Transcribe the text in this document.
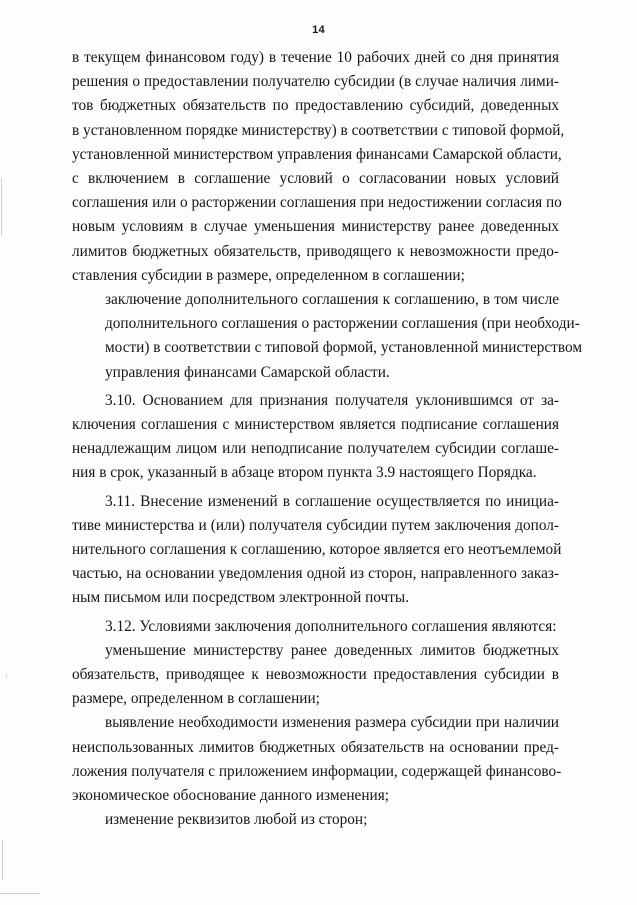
14

в текущем финансовом году) в течение 10 рабочих дней со дня принятия
решения о предоставлении получателю субсидии (в случае наличия лими-
тов бюджетных обязательств по предоставлению субсидий, доведенных
в установленном порядке министерству) в соответствии с типовой формой,
установленной министерством управления финансами Самарской области,
с включением в соглашение условий о согласовании новых условий
соглашения или о расторжении соглашения при недостижении согласия по
новым условиям в случае уменьшения министерству ранее доведенных
лимитов бюджетных обязательств, приводящего к невозможности предо-
ставления субсидии в размере, определенном в соглашении;

заключение дополнительного соглашения к соглашению, в том числе
дополнительного соглашения о расторжении соглашения (при необходи-
мости) в соответствии с типовой формой, установленной министерством
управления финансами Самарской области.

3.10. Основанием для признания получателя уклонившимся от за-
ключения соглашения с министерством является подписание соглашения
ненадлежащим лицом или неподписание получателем субсидии соглаше-
ния в срок, указанный в абзаце втором пункта 3.9 настоящего Порядка.

3.11. Внесение изменений в соглашение осуществляется по инициа-
тиве министерства и (или) получателя субсидии путем заключения допол-
нительного соглашения к соглашению, которое является его неотъемлемой
частью, на основании уведомления одной из сторон, направленного заказ-
ным письмом или посредством электронной почты.

3.12. Условиями заключения дополнительного соглашения являются:

уменьшение министерству ранее доведенных лимитов бюджетных
обязательств, приводящее к невозможности предоставления субсидии в
размере, определенном в соглашении;

выявление необходимости изменения размера субсидии при наличии
неиспользованных лимитов бюджетных обязательств на основании пред-
ложения получателя с приложением информации, содержащей финансово-
экономическое обоснование данного изменения;

изменение реквизитов любой из сторон;
